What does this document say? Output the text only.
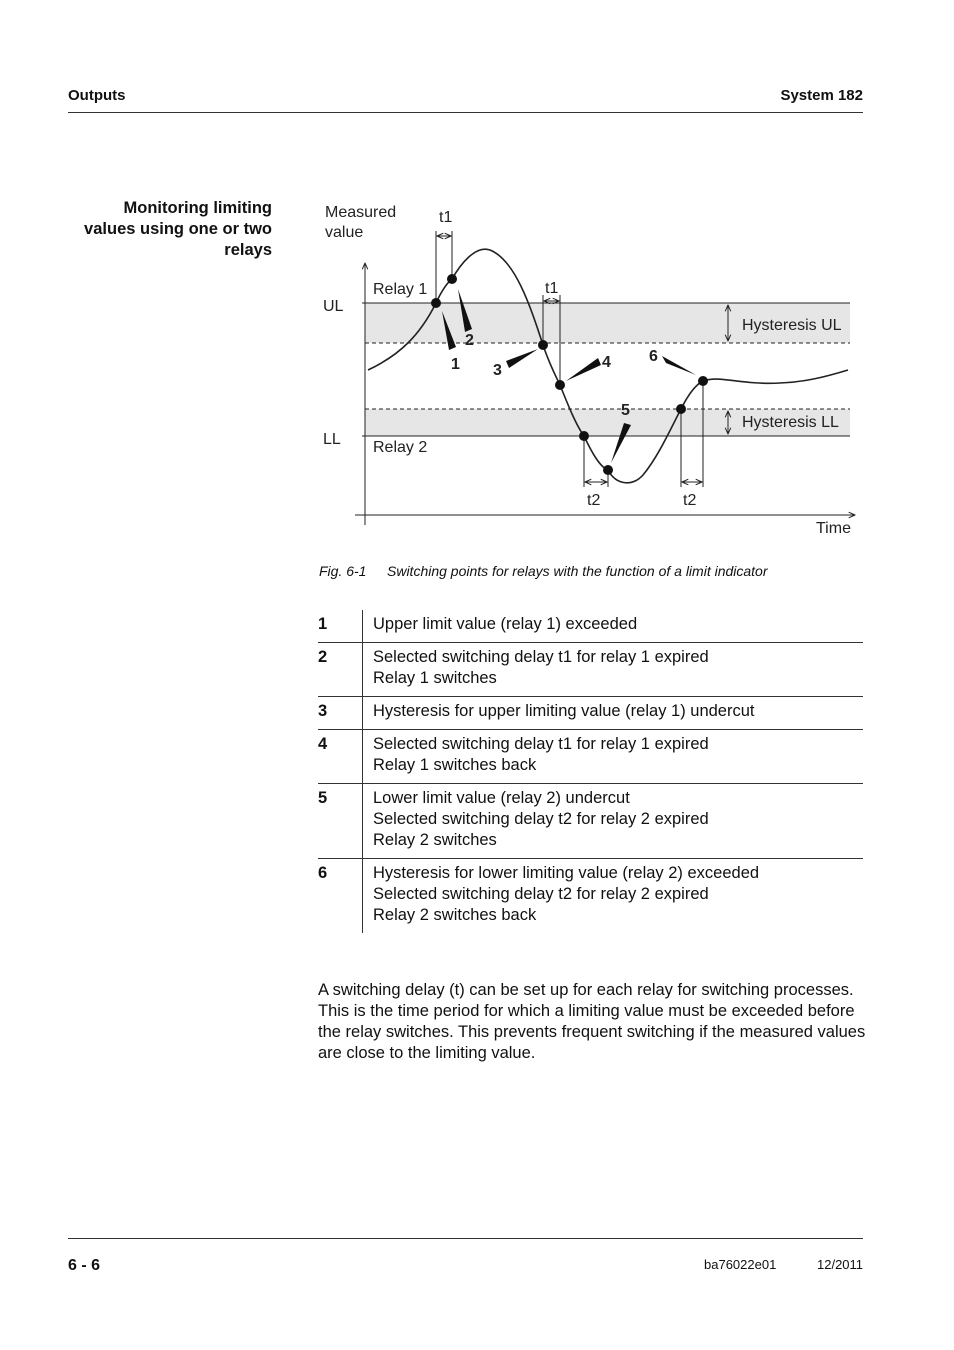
Outputs	System 182
Monitoring limiting
values using one or two
relays
Measured
value
Time
UL
LL
Relay 1
Relay 2
Hysteresis UL
Hysteresis LL
t1
t1
t2	t2
1
2
3	4
5
6
Fig. 6-1 Switching points for relays with the function of a limit indicator
1	Upper limit value (relay 1) exceeded

2	Selected switching delay t1 for relay 1 expired
Relay 1 switches

3	Hysteresis for upper limiting value (relay 1) undercut

4	Selected switching delay t1 for relay 1 expired
Relay 1 switches back

5	Lower limit value (relay 2) undercut
Selected switching delay t2 for relay 2 expired
Relay 2 switches

6	Hysteresis for lower limiting value (relay 2) exceeded
Selected switching delay t2 for relay 2 expired
Relay 2 switches back
A switching delay (t) can be set up for each relay for switching processes. This is the time period for which a limiting value must be exceeded before the relay switches. This prevents frequent switching if the measured values are close to the limiting value.
6 - 6	ba76022e01	12/2011
